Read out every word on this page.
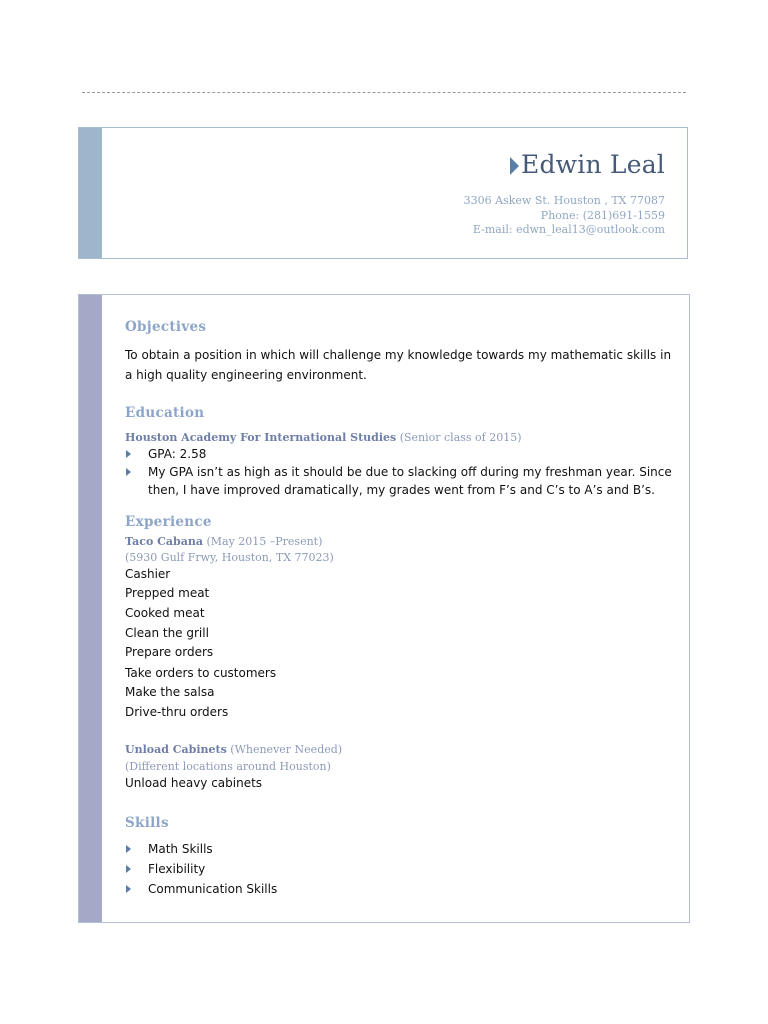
Edwin Leal
3306 Askew St. Houston , TX 77087
Phone: (281)691-1559
E-mail: edwn_leal13@outlook.com
Objectives
To obtain a position in which will challenge my knowledge towards my mathematic skills in a high quality engineering environment.
Education
Houston Academy For International Studies (Senior class of 2015)
GPA: 2.58
My GPA isn’t as high as it should be due to slacking off during my freshman year. Since then, I have improved dramatically, my grades went from F’s and C’s to A’s and B’s.
Experience
Taco Cabana (May 2015 –Present)
(5930 Gulf Frwy, Houston, TX 77023)
Cashier
Prepped meat
Cooked meat
Clean the grill
Prepare orders
Take orders to customers
Make the salsa
Drive-thru orders
Unload Cabinets (Whenever Needed)
(Different locations around Houston)
Unload heavy cabinets
Skills
Math Skills
Flexibility
Communication Skills
